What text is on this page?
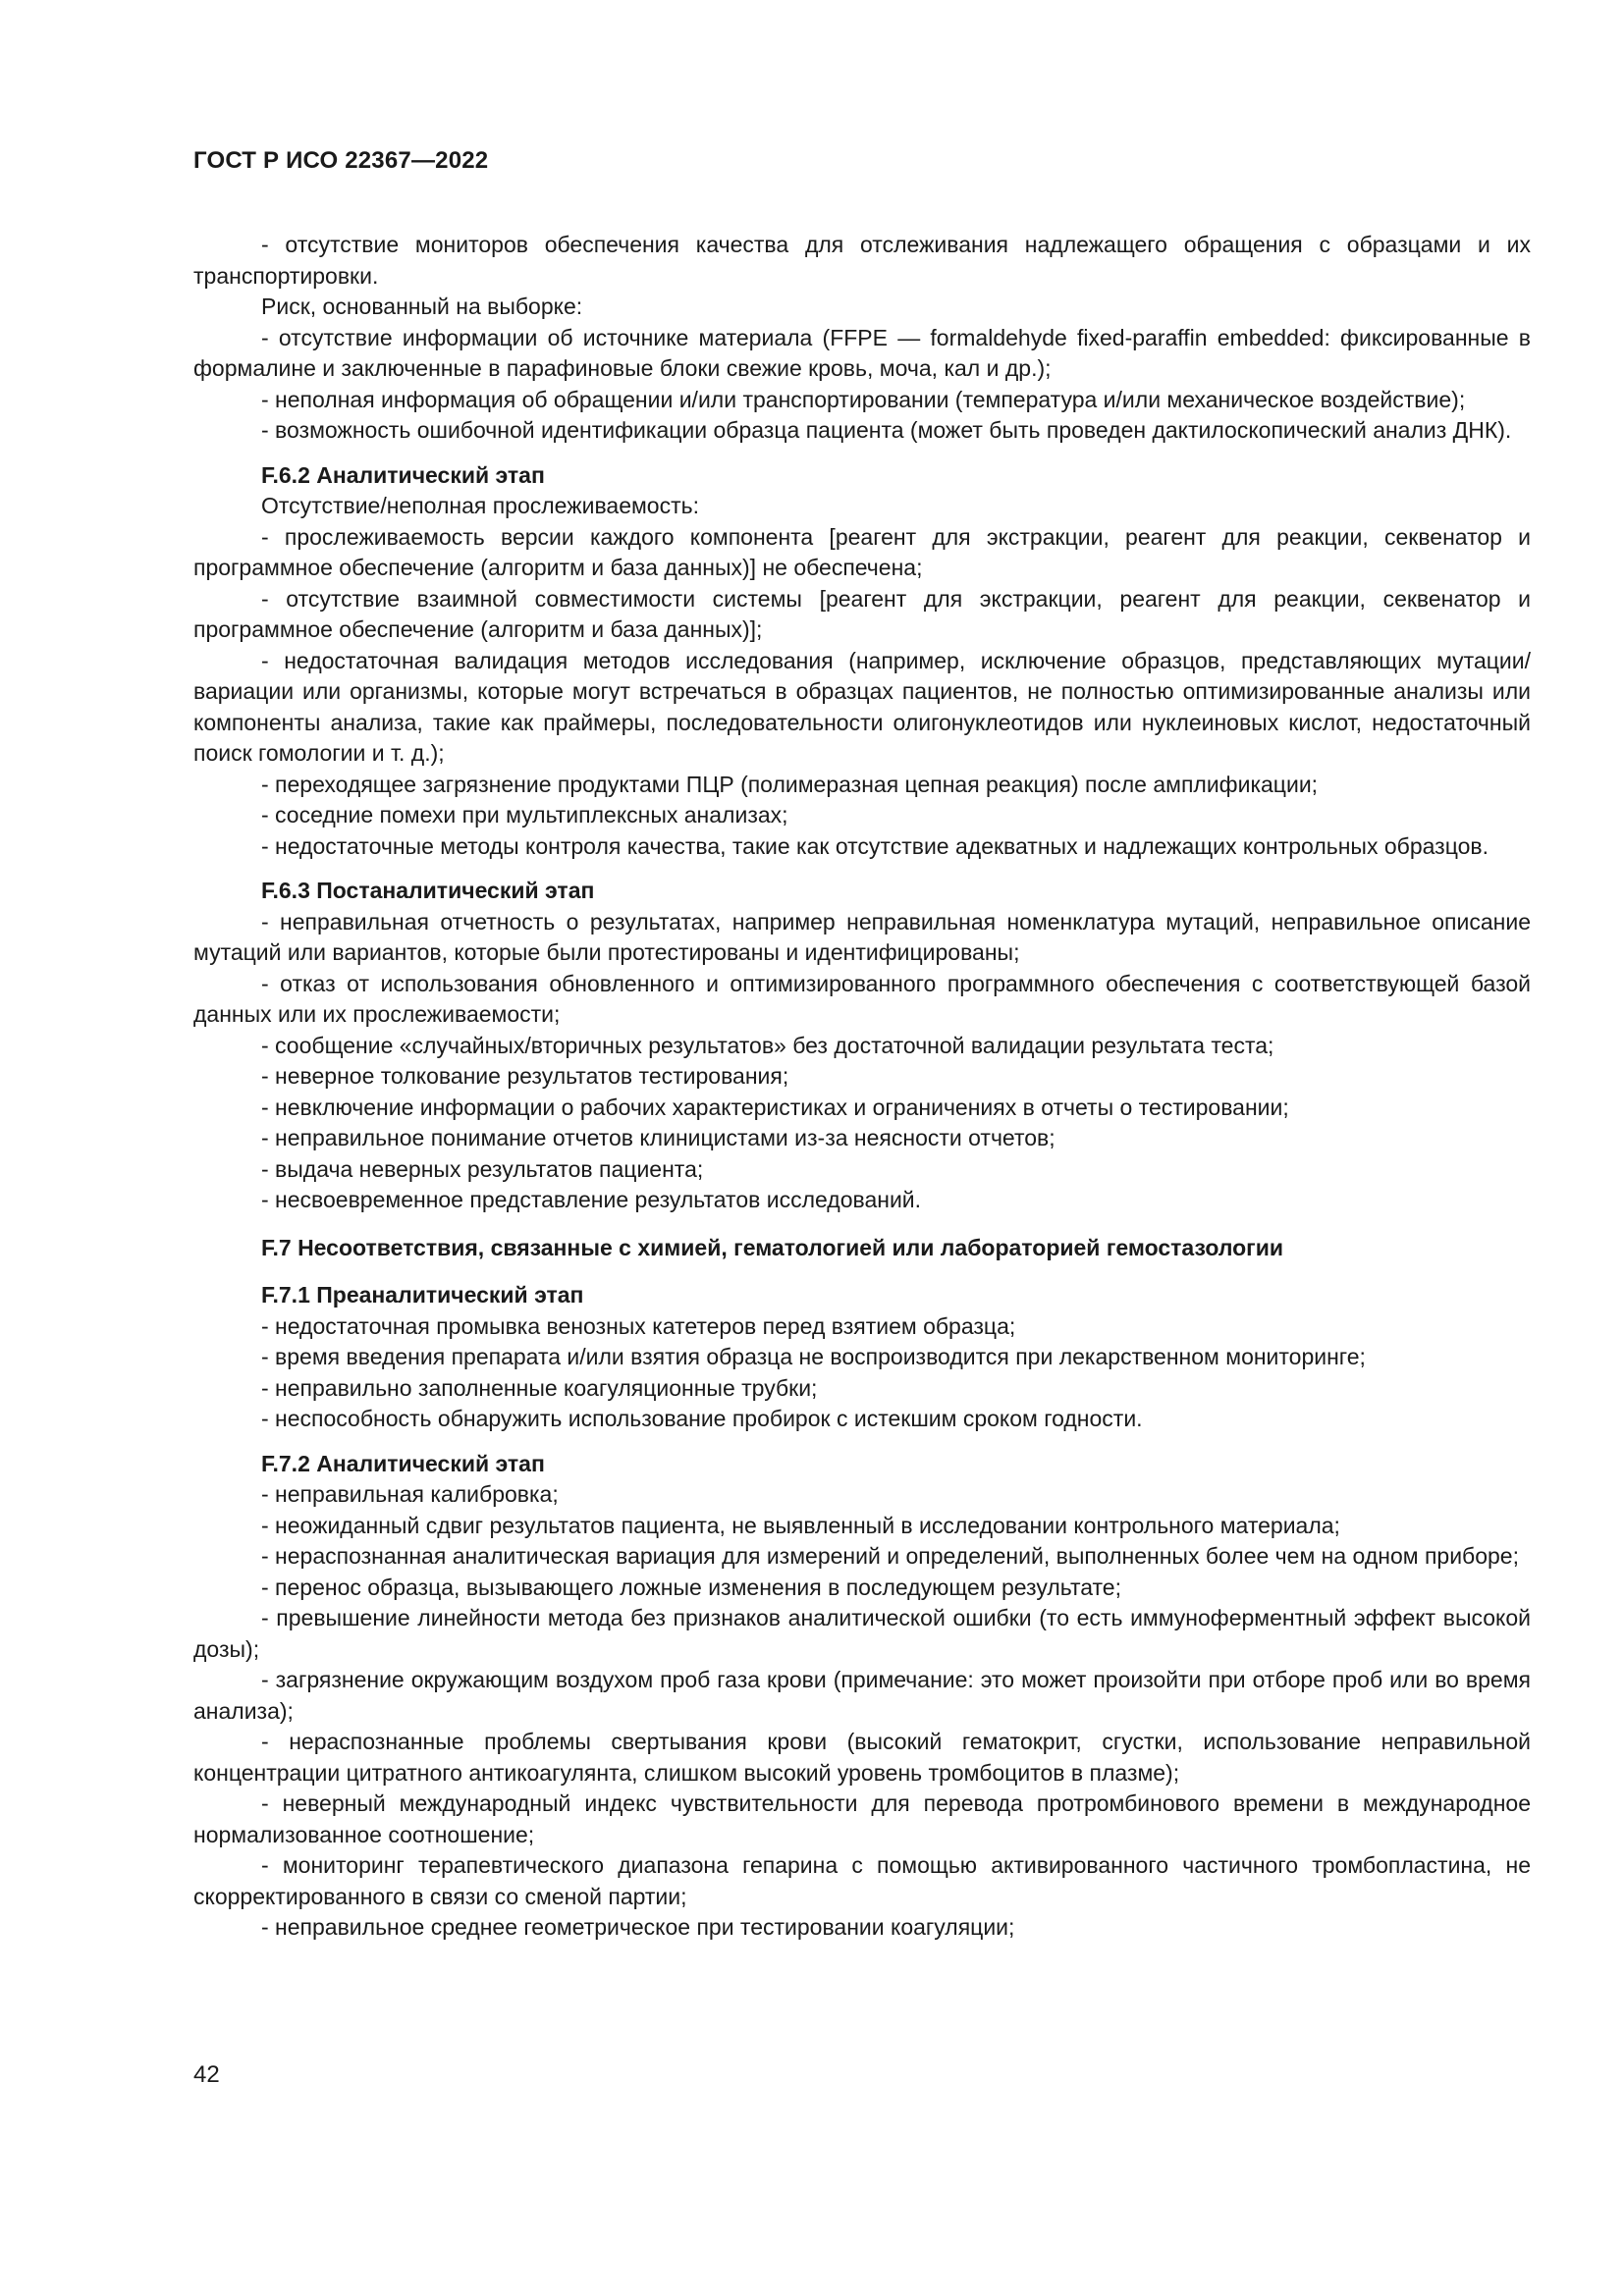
ГОСТ Р ИСО 22367—2022

- отсутствие мониторов обеспечения качества для отслеживания надлежащего обращения с образцами и их транспортировки.

Риск, основанный на выборке:

- отсутствие информации об источнике материала (FFPE — formaldehyde fixed-paraffin embedded: фиксированные в формалине и заключенные в парафиновые блоки свежие кровь, моча, кал и др.);

- неполная информация об обращении и/или транспортировании (температура и/или механическое воздействие);

- возможность ошибочной идентификации образца пациента (может быть проведен дактилоскопический анализ ДНК).

F.6.2 Аналитический этап

Отсутствие/неполная прослеживаемость:

- прослеживаемость версии каждого компонента [реагент для экстракции, реагент для реакции, секвенатор и программное обеспечение (алгоритм и база данных)] не обеспечена;

- отсутствие взаимной совместимости системы [реагент для экстракции, реагент для реакции, секвенатор и программное обеспечение (алгоритм и база данных)];

- недостаточная валидация методов исследования (например, исключение образцов, представляющих мутации/вариации или организмы, которые могут встречаться в образцах пациентов, не полностью оптимизированные анализы или компоненты анализа, такие как праймеры, последовательности олигонуклеотидов или нуклеиновых кислот, недостаточный поиск гомологии и т. д.);

- переходящее загрязнение продуктами ПЦР (полимеразная цепная реакция) после амплификации;

- соседние помехи при мультиплексных анализах;

- недостаточные методы контроля качества, такие как отсутствие адекватных и надлежащих контрольных образцов.

F.6.3 Постаналитический этап

- неправильная отчетность о результатах, например неправильная номенклатура мутаций, неправильное описание мутаций или вариантов, которые были протестированы и идентифицированы;

- отказ от использования обновленного и оптимизированного программного обеспечения с соответствующей базой данных или их прослеживаемости;

- сообщение «случайных/вторичных результатов» без достаточной валидации результата теста;

- неверное толкование результатов тестирования;

- невключение информации о рабочих характеристиках и ограничениях в отчеты о тестировании;

- неправильное понимание отчетов клиницистами из-за неясности отчетов;

- выдача неверных результатов пациента;

- несвоевременное представление результатов исследований.

F.7 Несоответствия, связанные с химией, гематологией или лабораторией гемостазологии
F.7.1 Преаналитический этап

- недостаточная промывка венозных катетеров перед взятием образца;

- время введения препарата и/или взятия образца не воспроизводится при лекарственном мониторинге;

- неправильно заполненные коагуляционные трубки;

- неспособность обнаружить использование пробирок с истекшим сроком годности.

F.7.2 Аналитический этап

- неправильная калибровка;

- неожиданный сдвиг результатов пациента, не выявленный в исследовании контрольного материала;

- нераспознанная аналитическая вариация для измерений и определений, выполненных более чем на одном приборе;

- перенос образца, вызывающего ложные изменения в последующем результате;

- превышение линейности метода без признаков аналитической ошибки (то есть иммуноферментный эффект высокой дозы);

- загрязнение окружающим воздухом проб газа крови (примечание: это может произойти при отборе проб или во время анализа);

- нераспознанные проблемы свертывания крови (высокий гематокрит, сгустки, использование неправильной концентрации цитратного антикоагулянта, слишком высокий уровень тромбоцитов в плазме);

- неверный международный индекс чувствительности для перевода протромбинового времени в международное нормализованное соотношение;

- мониторинг терапевтического диапазона гепарина с помощью активированного частичного тромбопластина, не скорректированного в связи со сменой партии;

- неправильное среднее геометрическое при тестировании коагуляции;

42
